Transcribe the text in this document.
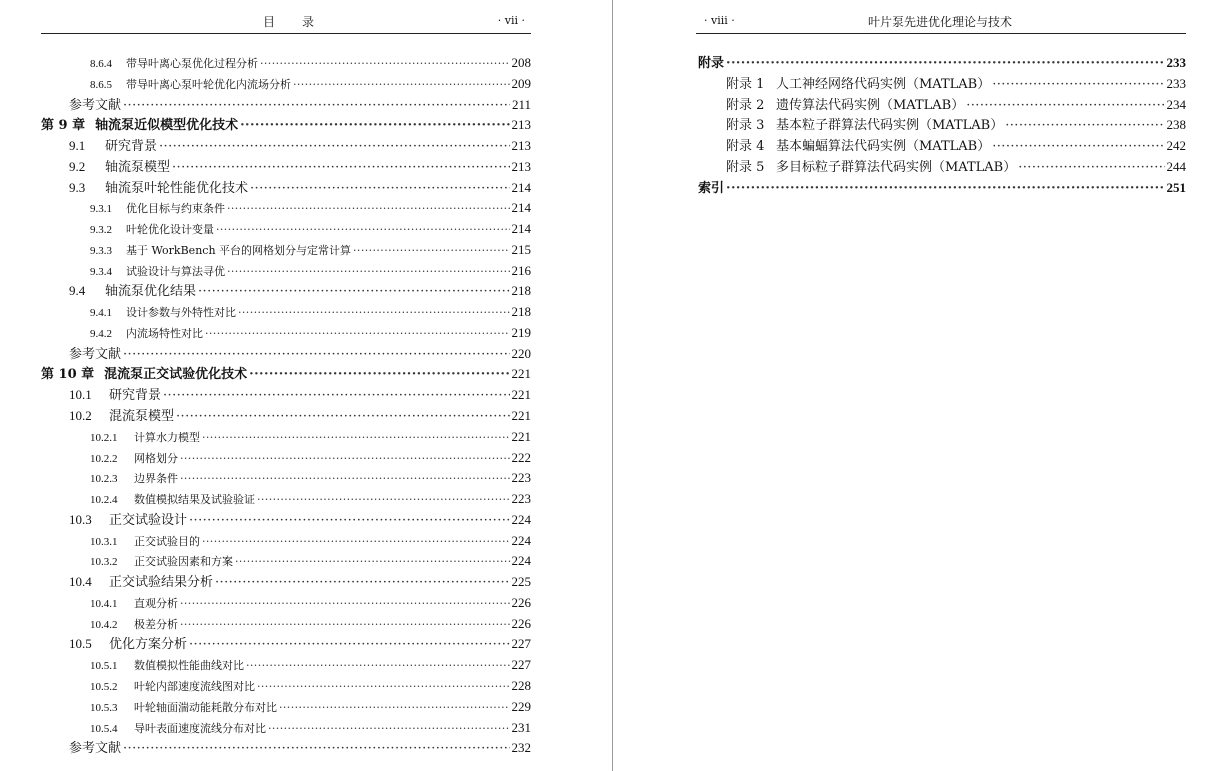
目　　录	· vii ·
8.6.4	带导叶离心泵优化过程分析 ·····	208
8.6.5	带导叶离心泵叶轮优化内流场分析 ·····	209
参考文献 ·····	211
第 9 章 轴流泵近似模型优化技术 ·····	213
9.1	研究背景 ·····	213
9.2	轴流泵模型 ·····	213
9.3	轴流泵叶轮性能优化技术 ·····	214
9.3.1	优化目标与约束条件 ·····	214
9.3.2	叶轮优化设计变量 ·····	214
9.3.3	基于 WorkBench 平台的网格划分与定常计算 ·····	215
9.3.4	试验设计与算法寻优 ·····	216
9.4	轴流泵优化结果 ·····	218
9.4.1	设计参数与外特性对比 ·····	218
9.4.2	内流场特性对比 ·····	219
参考文献 ·····	220
第 10 章 混流泵正交试验优化技术 ·····	221
10.1	研究背景 ·····	221
10.2	混流泵模型 ·····	221
10.2.1	计算水力模型 ·····	221
10.2.2	网格划分 ·····	222
10.2.3	边界条件 ·····	223
10.2.4	数值模拟结果及试验验证 ·····	223
10.3	正交试验设计 ·····	224
10.3.1	正交试验目的 ·····	224
10.3.2	正交试验因素和方案 ·····	224
10.4	正交试验结果分析 ·····	225
10.4.1	直观分析 ·····	226
10.4.2	极差分析 ·····	226
10.5	优化方案分析 ·····	227
10.5.1	数值模拟性能曲线对比 ·····	227
10.5.2	叶轮内部速度流线图对比 ·····	228
10.5.3	叶轮轴面湍动能耗散分布对比 ·····	229
10.5.4	导叶表面速度流线分布对比 ·····	231
参考文献 ·····	232
· viii ·	叶片泵先进优化理论与技术
附录 ·····	233
附录 1 人工神经网络代码实例（MATLAB） ·····	233
附录 2 遗传算法代码实例（MATLAB） ·····	234
附录 3 基本粒子群算法代码实例（MATLAB） ·····	238
附录 4 基本蝙蝠算法代码实例（MATLAB） ·····	242
附录 5 多目标粒子群算法代码实例（MATLAB） ·····	244
索引 ·····	251
